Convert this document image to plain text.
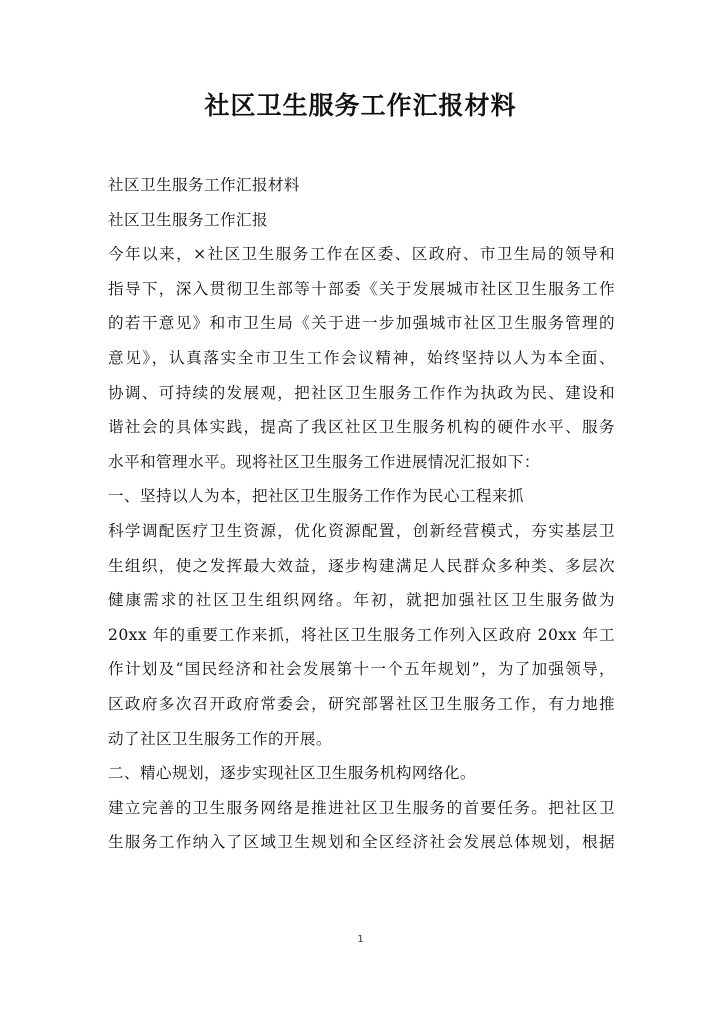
社区卫生服务工作汇报材料
社区卫生服务工作汇报材料
社区卫生服务工作汇报
今年以来，×社区卫生服务工作在区委、区政府、市卫生局的领导和
指导下，深入贯彻卫生部等十部委《关于发展城市社区卫生服务工作
的若干意见》和市卫生局《关于进一步加强城市社区卫生服务管理的
意见》，认真落实全市卫生工作会议精神，始终坚持以人为本全面、
协调、可持续的发展观，把社区卫生服务工作作为执政为民、建设和
谐社会的具体实践，提高了我区社区卫生服务机构的硬件水平、服务
水平和管理水平。现将社区卫生服务工作进展情况汇报如下：
一、坚持以人为本，把社区卫生服务工作作为民心工程来抓
科学调配医疗卫生资源，优化资源配置，创新经营模式，夯实基层卫
生组织，使之发挥最大效益，逐步构建满足人民群众多种类、多层次
健康需求的社区卫生组织网络。年初，就把加强社区卫生服务做为
20xx 年的重要工作来抓，将社区卫生服务工作列入区政府 20xx 年工
作计划及“国民经济和社会发展第十一个五年规划”，为了加强领导，
区政府多次召开政府常委会，研究部署社区卫生服务工作，有力地推
动了社区卫生服务工作的开展。
二、精心规划，逐步实现社区卫生服务机构网络化。
建立完善的卫生服务网络是推进社区卫生服务的首要任务。把社区卫
生服务工作纳入了区域卫生规划和全区经济社会发展总体规划，根据
1
